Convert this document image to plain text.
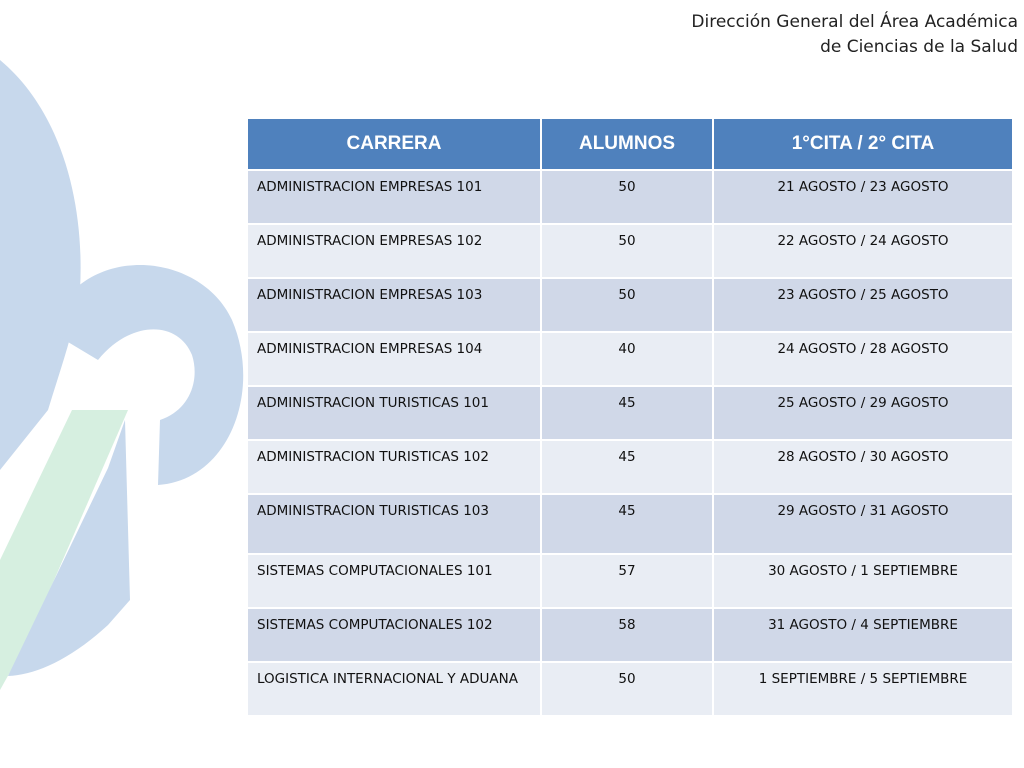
Dirección General del Área Académica
de Ciencias de la Salud
CARRERA	ALUMNOS	1°CITA / 2° CITA
ADMINISTRACION EMPRESAS 101	50	21 AGOSTO / 23 AGOSTO
ADMINISTRACION EMPRESAS 102	50	22 AGOSTO / 24 AGOSTO
ADMINISTRACION EMPRESAS 103	50	23 AGOSTO / 25 AGOSTO
ADMINISTRACION EMPRESAS 104	40	24 AGOSTO / 28 AGOSTO
ADMINISTRACION TURISTICAS 101	45	25 AGOSTO / 29 AGOSTO
ADMINISTRACION TURISTICAS 102	45	28 AGOSTO / 30 AGOSTO
ADMINISTRACION TURISTICAS 103	45	29 AGOSTO / 31 AGOSTO
SISTEMAS COMPUTACIONALES 101	57	30 AGOSTO / 1 SEPTIEMBRE
SISTEMAS COMPUTACIONALES 102	58	31 AGOSTO / 4 SEPTIEMBRE
LOGISTICA INTERNACIONAL Y ADUANA	50	1 SEPTIEMBRE / 5 SEPTIEMBRE
